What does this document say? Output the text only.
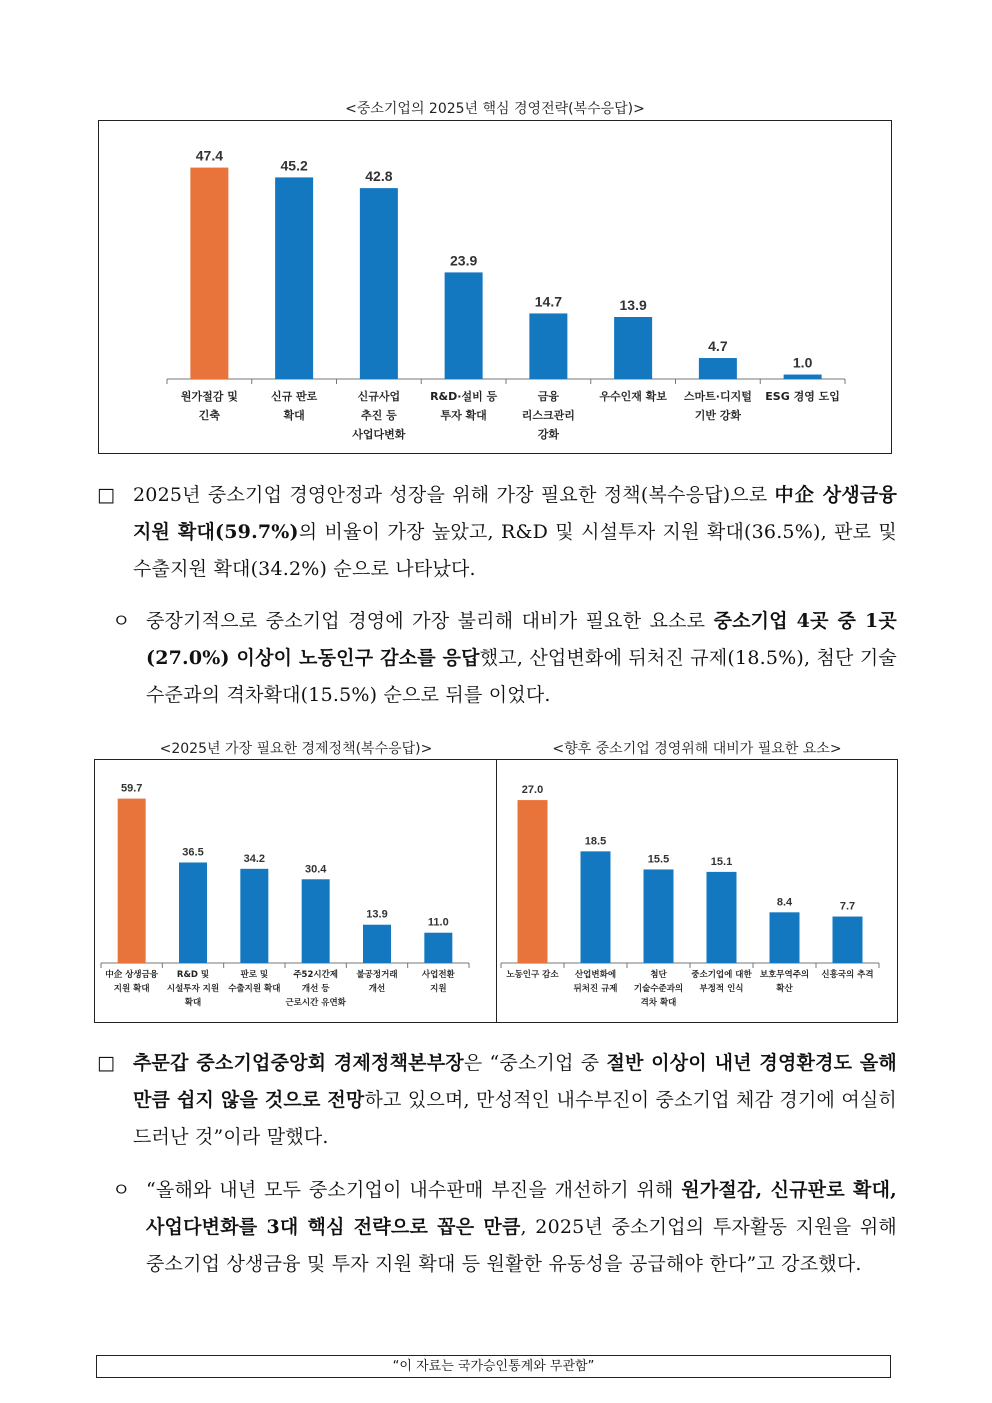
<중소기업의 2025년 핵심 경영전략(복수응답)>
47.4
원가절감 및
긴축
45.2
신규 판로
확대
42.8
신규사업
추진 등
사업다변화
23.9
R&D·설비 등
투자 확대
14.7
금융
리스크관리
강화
13.9
우수인재 확보
4.7
스마트·디지털
기반 강화
1.0
ESG 경영 도입
□ 2025년 중소기업 경영안정과 성장을 위해 가장 필요한 정책(복수응답)으로 中企 상생금융 지원 확대(59.7%)의 비율이 가장 높았고, R&D 및 시설투자 지원 확대(36.5%), 판로 및 수출지원 확대(34.2%) 순으로 나타났다.
ㅇ 중장기적으로 중소기업 경영에 가장 불리해 대비가 필요한 요소로 중소기업 4곳 중 1곳(27.0%) 이상이 노동인구 감소를 응답했고, 산업변화에 뒤처진 규제(18.5%), 첨단 기술수준과의 격차확대(15.5%) 순으로 뒤를 이었다.
<2025년 가장 필요한 경제정책(복수응답)>
59.7
中企 상생금융
지원 확대
36.5
R&D 및
시설투자 지원
확대
34.2
판로 및
수출지원 확대
30.4
주52시간제
개선 등
근로시간 유연화
13.9
불공정거래
개선
11.0
사업전환
지원
<향후 중소기업 경영위해 대비가 필요한 요소>
27.0
노동인구 감소
18.5
산업변화에
뒤처진 규제
15.5
첨단
기술수준과의
격차 확대
15.1
중소기업에 대한
부정적 인식
8.4
보호무역주의
확산
7.7
신흥국의 추격
□ 추문갑 중소기업중앙회 경제정책본부장은 “중소기업 중 절반 이상이 내년 경영환경도 올해만큼 쉽지 않을 것으로 전망하고 있으며, 만성적인 내수부진이 중소기업 체감 경기에 여실히 드러난 것”이라 말했다.
ㅇ “올해와 내년 모두 중소기업이 내수판매 부진을 개선하기 위해 원가절감, 신규판로 확대, 사업다변화를 3대 핵심 전략으로 꼽은 만큼, 2025년 중소기업의 투자활동 지원을 위해 중소기업 상생금융 및 투자 지원 확대 등 원활한 유동성을 공급해야 한다”고 강조했다.
“이 자료는 국가승인통계와 무관함”
